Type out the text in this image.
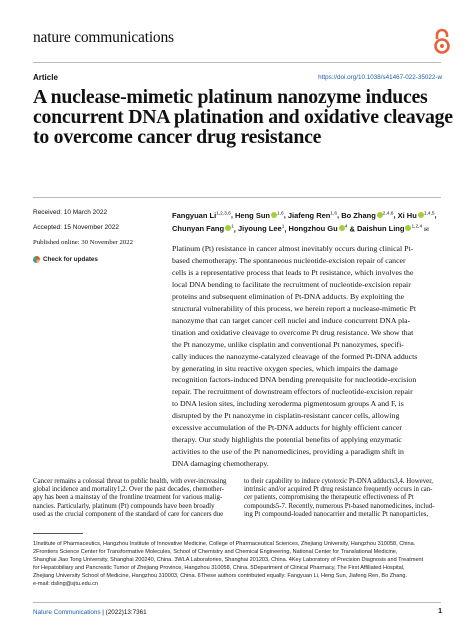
nature communications
Article	https://doi.org/10.1038/s41467-022-35022-w
A nuclease-mimetic platinum nanozyme induces concurrent DNA platination and oxidative cleavage to overcome cancer drug resistance
Received: 10 March 2022
Accepted: 15 November 2022
Published online: 30 November 2022
Check for updates
Fangyuan Li$^{1,2,3,6}$, Heng Sun $^{1,6}$, Jiafeng Ren$^{1,6}$, Bo Zhang $^{2,4,6}$, Xi Hu $^{1,4,5}$, Chunyan Fang $^1$, Jiyoung Lee$^1$, Hongzhou Gu $^4$ & Daishun Ling $^{1,2,4}$ ✉

Platinum (Pt) resistance in cancer almost inevitably occurs during clinical Pt-
based chemotherapy. The spontaneous nucleotide-excision repair of cancer
cells is a representative process that leads to Pt resistance, which involves the
local DNA bending to facilitate the recruitment of nucleotide-excision repair
proteins and subsequent elimination of Pt-DNA adducts. By exploiting the
structural vulnerability of this process, we herein report a nuclease-mimetic Pt
nanozyme that can target cancer cell nuclei and induce concurrent DNA pla-
tination and oxidative cleavage to overcome Pt drug resistance. We show that
the Pt nanozyme, unlike cisplatin and conventional Pt nanozymes, specifi-
cally induces the nanozyme-catalyzed cleavage of the formed Pt-DNA adducts
by generating in situ reactive oxygen species, which impairs the damage
recognition factors-induced DNA bending prerequisite for nucleotide-excision
repair. The recruitment of downstream effectors of nucleotide-excision repair
to DNA lesion sites, including xeroderma pigmentosum groups A and F, is
disrupted by the Pt nanozyme in cisplatin-resistant cancer cells, allowing
excessive accumulation of the Pt-DNA adducts for highly efficient cancer
therapy. Our study highlights the potential benefits of applying enzymatic
activities to the use of the Pt nanomedicines, providing a paradigm shift in
DNA damaging chemotherapy.

Cancer remains a colossal threat to public health, with ever-increasing
global incidence and mortality1,2. Over the past decades, chemother-
apy has been a mainstay of the frontline treatment for various malig-
nancies. Particularly, platinum (Pt) compounds have been broadly
used as the crucial component of the standard of care for cancers due

to their capability to induce cytotoxic Pt-DNA adducts3,4. However,
intrinsic and/or acquired Pt drug resistance frequently occurs in can-
cer patients, compromising the therapeutic effectiveness of Pt
compounds5-7. Recently, numerous Pt-based nanomedicines, includ-
ing Pt compound-loaded nanocarrier and metallic Pt nanoparticles,

1Institute of Pharmaceutics, Hangzhou Institute of Innovative Medicine, College of Pharmaceutical Sciences, Zhejiang University, Hangzhou 310058, China.
2Frontiers Science Center for Transformative Molecules, School of Chemistry and Chemical Engineering, National Center for Translational Medicine,
Shanghai Jiao Tong University, Shanghai 200240, China. 3WLA Laboratories, Shanghai 201203, China. 4Key Laboratory of Precision Diagnosis and Treatment
for Hepatobiliary and Pancreatic Tumor of Zhejiang Province, Hangzhou 310058, China. 5Department of Clinical Pharmacy, The First Affiliated Hospital,
Zhejiang University School of Medicine, Hangzhou 310003, China. 6These authors contributed equally: Fangyuan Li, Heng Sun, Jiafeng Ren, Bo Zhang.
e-mail: dsling@sjtu.edu.cn

Nature Communications | (2022)13:7361	1
